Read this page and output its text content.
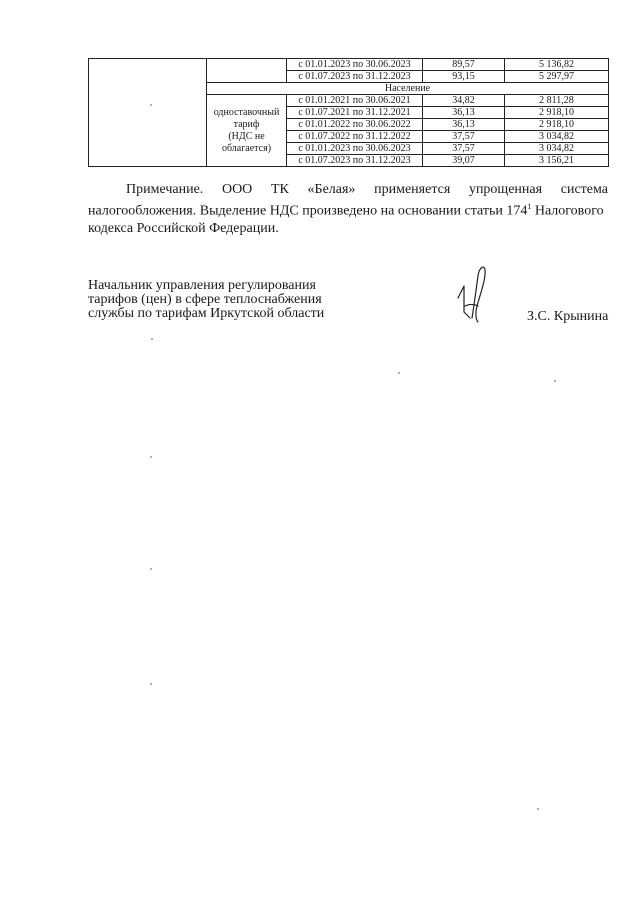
		с 01.01.2023 по 30.06.2023	89,57	5 136,82
		с 01.07.2023 по 31.12.2023	93,15	5 297,97
	Население			

	одноставочный
тариф
(НДС не
облагается)	с 01.01.2021 по 30.06.2021	34,82	2 811,28
		с 01.07.2021 по 31.12.2021	36,13	2 918,10
		с 01.01.2022 по 30.06.2022	36,13	2 918,10
		с 01.07.2022 по 31.12.2022	37,57	3 034,82
		с 01.01.2023 по 30.06.2023	37,57	3 034,82
		с 01.07.2023 по 31.12.2023	39,07	3 156,21
Примечание. ООО ТК «Белая» применяется упрощенная система
налогообложения. Выделение НДС произведено на основании статьи $174^1$ Налогового
кодекса Российской Федерации.
Начальник управления регулирования
тарифов (цен) в сфере теплоснабжения
службы по тарифам Иркутской области	З.С. Крынина
